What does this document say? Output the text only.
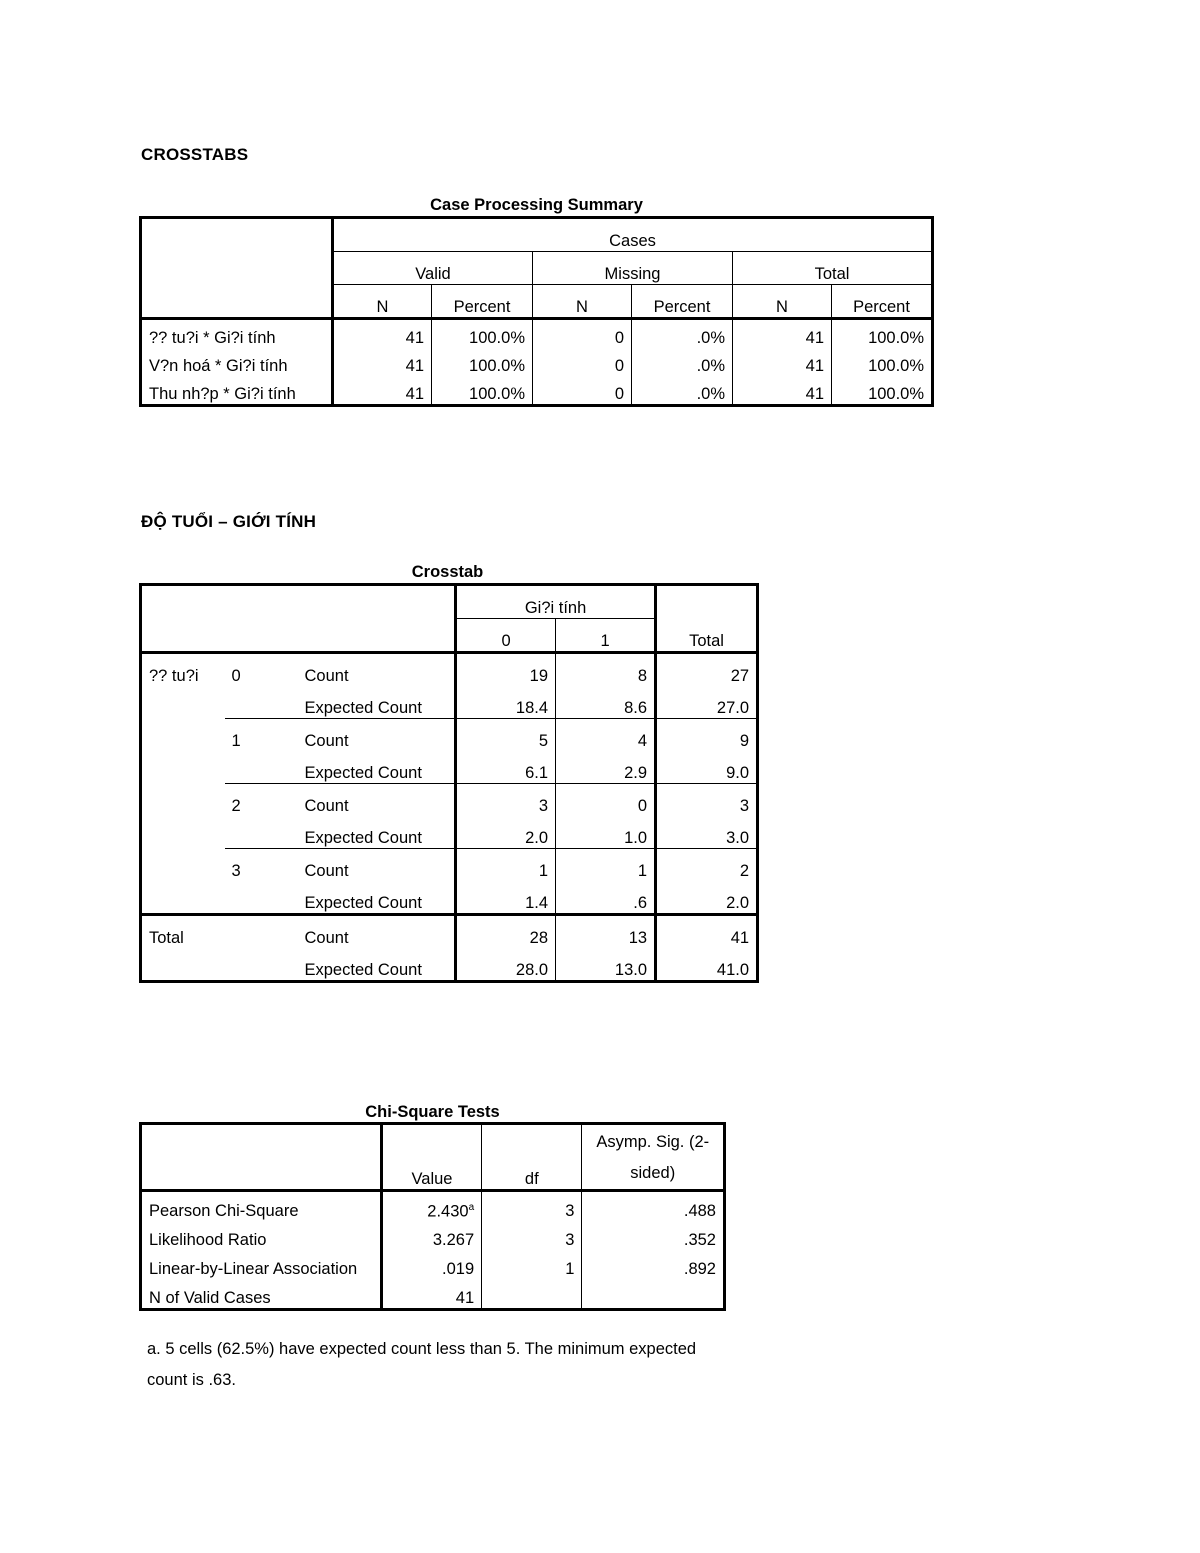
CROSSTABS
Case Processing Summary
	Cases					
	Valid		Missing		Total	
	N	Percent	N	Percent	N	Percent
?? tu?i * Gi?i tính	41	100.0%	0	.0%	41	100.0%
V?n hoá * Gi?i tính	41	100.0%	0	.0%	41	100.0%
Thu nh?p * Gi?i tính	41	100.0%	0	.0%	41	100.0%
ĐỘ TUỔI – GIỚI TÍNH
Crosstab
			Gi?i tính		Total
			0	1	
?? tu?i	0	Count	19	8	27
		Expected Count	18.4	8.6	27.0
	1	Count	5	4	9
		Expected Count	6.1	2.9	9.0
	2	Count	3	0	3
		Expected Count	2.0	1.0	3.0
	3	Count	1	1	2
		Expected Count	1.4	.6	2.0
Total		Count	28	13	41
		Expected Count	28.0	13.0	41.0
Chi-Square Tests
	Value	df	Asymp. Sig. (2-
sided)

Pearson Chi-Square	2.430$^a$	3	.488
Likelihood Ratio	3.267	3	.352
Linear-by-Linear Association	.019	1	.892
N of Valid Cases	41		
a. 5 cells (62.5%) have expected count less than 5. The minimum expected count is .63.
